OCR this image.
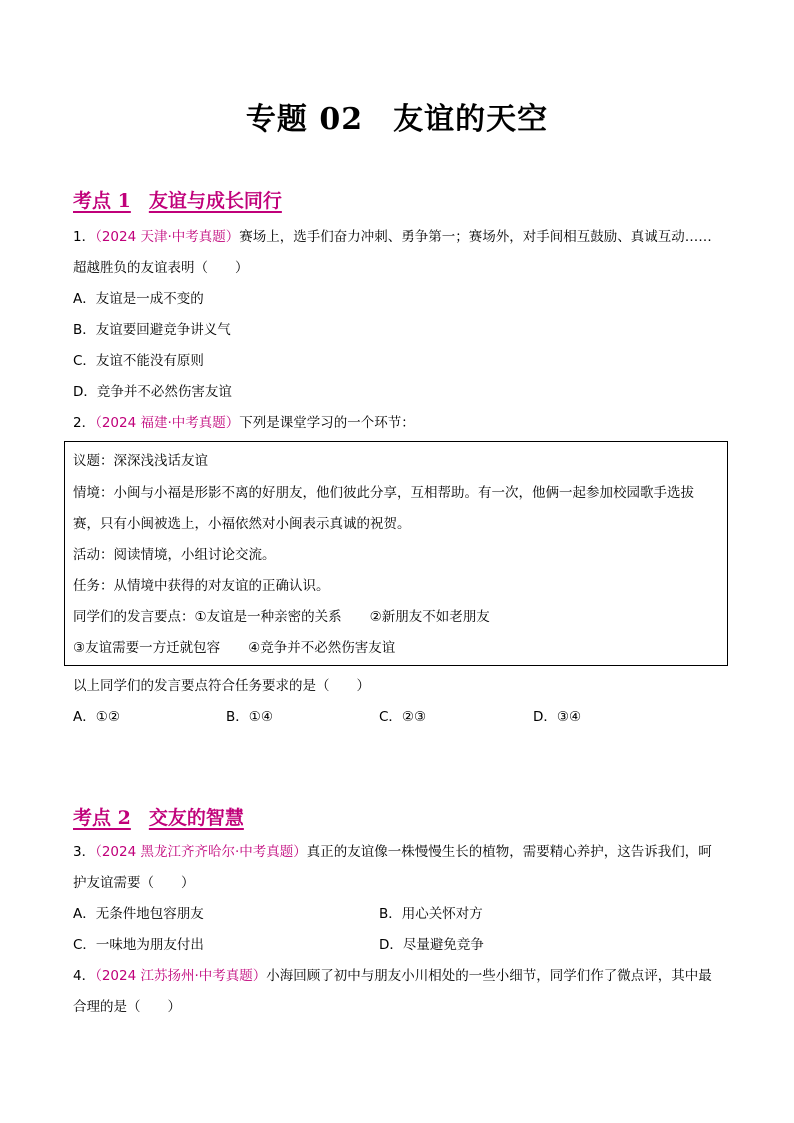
专题 02 友谊的天空
考点 1 友谊与成长同行
1．（2024 天津·中考真题）赛场上，选手们奋力冲刺、勇争第一；赛场外，对手间相互鼓励、真诚互动……
超越胜负的友谊表明（　　）
A．友谊是一成不变的
B．友谊要回避竞争讲义气
C．友谊不能没有原则
D．竞争并不必然伤害友谊
2．（2024 福建·中考真题）下列是课堂学习的一个环节：
议题：深深浅浅话友谊
情境：小闽与小福是形影不离的好朋友，他们彼此分享，互相帮助。有一次，他俩一起参加校园歌手选拔
赛，只有小闽被选上，小福依然对小闽表示真诚的祝贺。
活动：阅读情境，小组讨论交流。
任务：从情境中获得的对友谊的正确认识。
同学们的发言要点：①友谊是一种亲密的关系 ②新朋友不如老朋友
③友谊需要一方迁就包容 ④竞争并不必然伤害友谊
以上同学们的发言要点符合任务要求的是（　　）
A．①②	B．①④	C．②③	D．③④
考点 2 交友的智慧
3．（2024 黑龙江齐齐哈尔·中考真题）真正的友谊像一株慢慢生长的植物，需要精心养护，这告诉我们，呵
护友谊需要（　　）
A．无条件地包容朋友	B．用心关怀对方
C．一味地为朋友付出	D．尽量避免竞争
4．（2024 江苏扬州·中考真题）小海回顾了初中与朋友小川相处的一些小细节，同学们作了微点评，其中最
合理的是（　　）
